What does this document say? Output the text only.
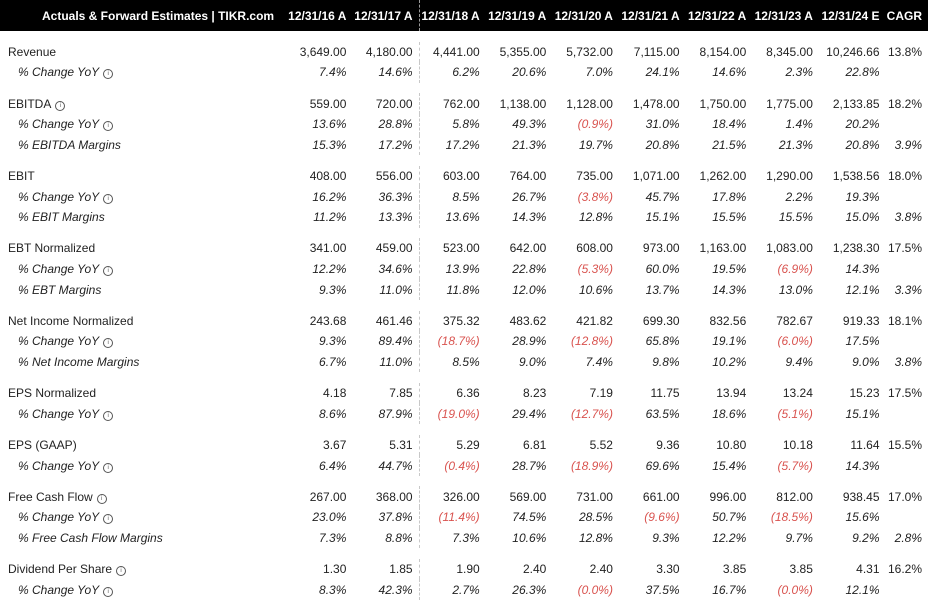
Actuals & Forward Estimates | TIKR.com	12/31/16 A	12/31/17 A	12/31/18 A	12/31/19 A	12/31/20 A	12/31/21 A	12/31/22 A	12/31/23 A	12/31/24 E	CAGR

Revenue	3,649.00	4,180.00	4,441.00	5,355.00	5,732.00	7,115.00	8,154.00	8,345.00	10,246.66	13.8%
% Change YoY i	7.4%	14.6%	6.2%	20.6%	7.0%	24.1%	14.6%	2.3%	22.8%	

EBITDA i	559.00	720.00	762.00	1,138.00	1,128.00	1,478.00	1,750.00	1,775.00	2,133.85	18.2%
% Change YoY i	13.6%	28.8%	5.8%	49.3%	(0.9%)	31.0%	18.4%	1.4%	20.2%	
% EBITDA Margins	15.3%	17.2%	17.2%	21.3%	19.7%	20.8%	21.5%	21.3%	20.8%	3.9%

EBIT	408.00	556.00	603.00	764.00	735.00	1,071.00	1,262.00	1,290.00	1,538.56	18.0%
% Change YoY i	16.2%	36.3%	8.5%	26.7%	(3.8%)	45.7%	17.8%	2.2%	19.3%	
% EBIT Margins	11.2%	13.3%	13.6%	14.3%	12.8%	15.1%	15.5%	15.5%	15.0%	3.8%

EBT Normalized	341.00	459.00	523.00	642.00	608.00	973.00	1,163.00	1,083.00	1,238.30	17.5%
% Change YoY i	12.2%	34.6%	13.9%	22.8%	(5.3%)	60.0%	19.5%	(6.9%)	14.3%	
% EBT Margins	9.3%	11.0%	11.8%	12.0%	10.6%	13.7%	14.3%	13.0%	12.1%	3.3%

Net Income Normalized	243.68	461.46	375.32	483.62	421.82	699.30	832.56	782.67	919.33	18.1%
% Change YoY i	9.3%	89.4%	(18.7%)	28.9%	(12.8%)	65.8%	19.1%	(6.0%)	17.5%	
% Net Income Margins	6.7%	11.0%	8.5%	9.0%	7.4%	9.8%	10.2%	9.4%	9.0%	3.8%

EPS Normalized	4.18	7.85	6.36	8.23	7.19	11.75	13.94	13.24	15.23	17.5%
% Change YoY i	8.6%	87.9%	(19.0%)	29.4%	(12.7%)	63.5%	18.6%	(5.1%)	15.1%	

EPS (GAAP)	3.67	5.31	5.29	6.81	5.52	9.36	10.80	10.18	11.64	15.5%
% Change YoY i	6.4%	44.7%	(0.4%)	28.7%	(18.9%)	69.6%	15.4%	(5.7%)	14.3%	

Free Cash Flow i	267.00	368.00	326.00	569.00	731.00	661.00	996.00	812.00	938.45	17.0%
% Change YoY i	23.0%	37.8%	(11.4%)	74.5%	28.5%	(9.6%)	50.7%	(18.5%)	15.6%	
% Free Cash Flow Margins	7.3%	8.8%	7.3%	10.6%	12.8%	9.3%	12.2%	9.7%	9.2%	2.8%

Dividend Per Share i	1.30	1.85	1.90	2.40	2.40	3.30	3.85	3.85	4.31	16.2%
% Change YoY i	8.3%	42.3%	2.7%	26.3%	(0.0%)	37.5%	16.7%	(0.0%)	12.1%	
